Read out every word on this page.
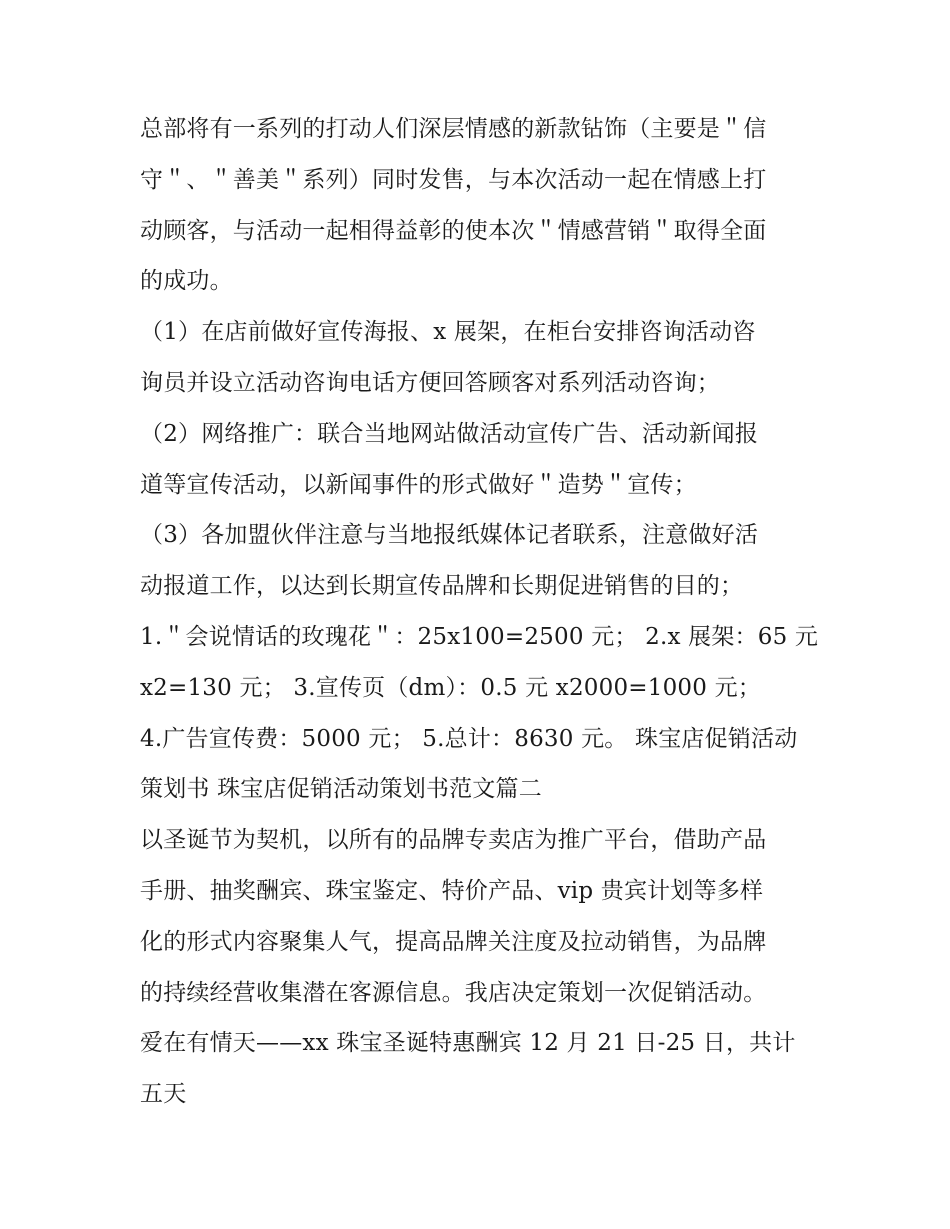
总部将有一系列的打动人们深层情感的新款钻饰（主要是＂信
守＂、＂善美＂系列）同时发售，与本次活动一起在情感上打
动顾客，与活动一起相得益彰的使本次＂情感营销＂取得全面
的成功。
（1）在店前做好宣传海报、x 展架，在柜台安排咨询活动咨
询员并设立活动咨询电话方便回答顾客对系列活动咨询；
（2）网络推广：联合当地网站做活动宣传广告、活动新闻报
道等宣传活动，以新闻事件的形式做好＂造势＂宣传；
（3）各加盟伙伴注意与当地报纸媒体记者联系，注意做好活
动报道工作，以达到长期宣传品牌和长期促进销售的目的；
1.＂会说情话的玫瑰花＂：25x100=2500 元； 2.x 展架：65 元
x2=130 元； 3.宣传页（dm）：0.5 元 x2000=1000 元；
4.广告宣传费：5000 元； 5.总计：8630 元。 珠宝店促销活动
策划书 珠宝店促销活动策划书范文篇二
以圣诞节为契机，以所有的品牌专卖店为推广平台，借助产品
手册、抽奖酬宾、珠宝鉴定、特价产品、vip 贵宾计划等多样
化的形式内容聚集人气，提高品牌关注度及拉动销售，为品牌
的持续经营收集潜在客源信息。我店决定策划一次促销活动。
爱在有情天——xx 珠宝圣诞特惠酬宾 12 月 21 日-25 日，共计
五天
